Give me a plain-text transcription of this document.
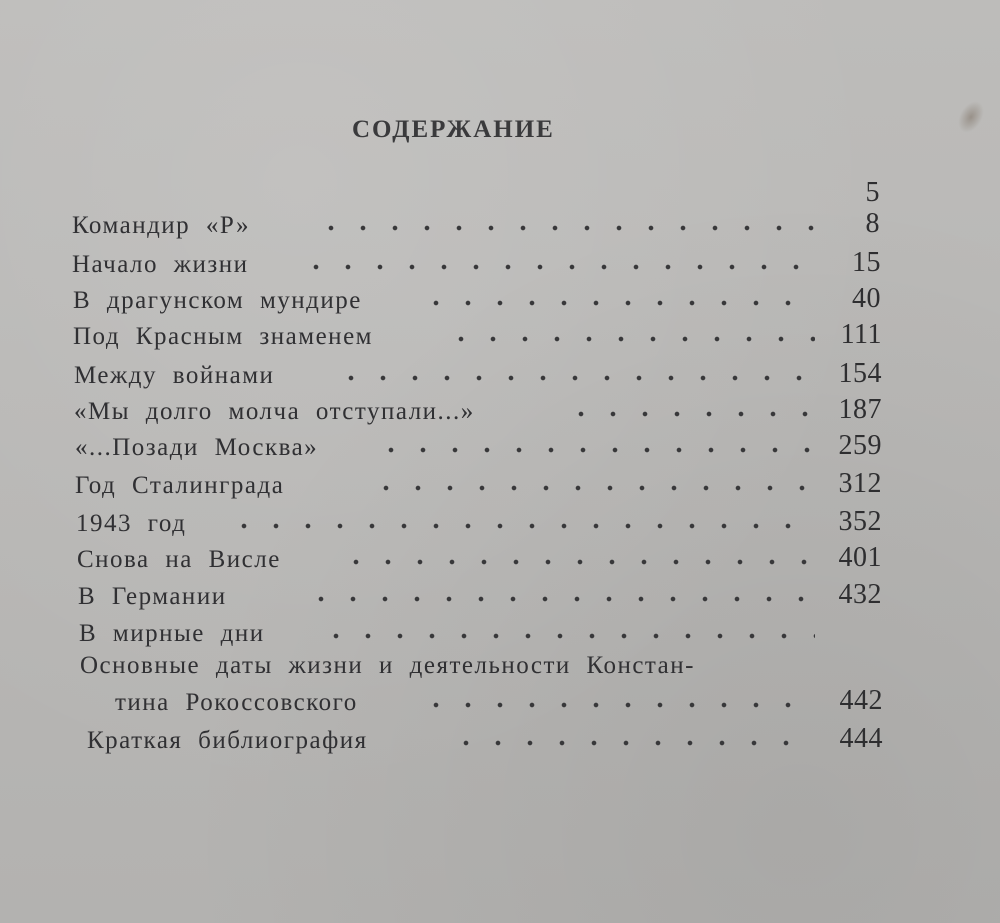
СОДЕРЖАНИЕ
5
Командир «Р»	8
Начало жизни	15
В драгунском мундире	40
Под Красным знаменем	111
Между войнами	154
«Мы долго молча отступали...»	187
«...Позади Москва»	259
Год Сталинграда	312
1943 год	352
Снова на Висле	401
В Германии	432
В мирные дни
Основные даты жизни и деятельности Констан-
тина Рокоссовского	442
Краткая библиография	444
